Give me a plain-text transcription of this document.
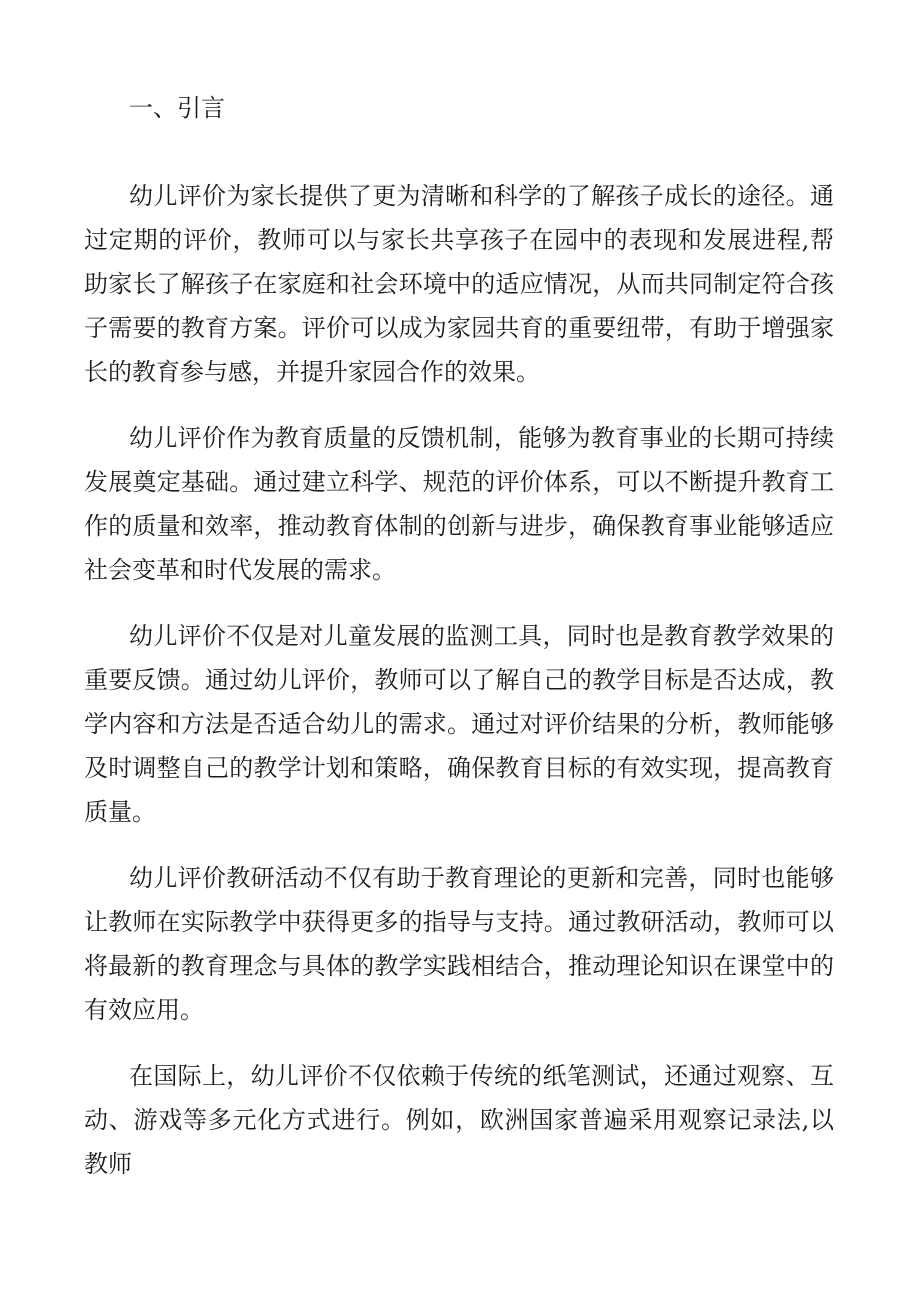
一、引言

幼儿评价为家长提供了更为清晰和科学的了解孩子成长的途径。通过定期的评价，教师可以与家长共享孩子在园中的表现和发展进程,帮助家长了解孩子在家庭和社会环境中的适应情况，从而共同制定符合孩子需要的教育方案。评价可以成为家园共育的重要纽带，有助于增强家长的教育参与感，并提升家园合作的效果。

幼儿评价作为教育质量的反馈机制，能够为教育事业的长期可持续发展奠定基础。通过建立科学、规范的评价体系，可以不断提升教育工作的质量和效率，推动教育体制的创新与进步，确保教育事业能够适应社会变革和时代发展的需求。

幼儿评价不仅是对儿童发展的监测工具，同时也是教育教学效果的重要反馈。通过幼儿评价，教师可以了解自己的教学目标是否达成，教学内容和方法是否适合幼儿的需求。通过对评价结果的分析，教师能够及时调整自己的教学计划和策略，确保教育目标的有效实现，提高教育质量。

幼儿评价教研活动不仅有助于教育理论的更新和完善，同时也能够让教师在实际教学中获得更多的指导与支持。通过教研活动，教师可以将最新的教育理念与具体的教学实践相结合，推动理论知识在课堂中的有效应用。

在国际上，幼儿评价不仅依赖于传统的纸笔测试，还通过观察、互动、游戏等多元化方式进行。例如，欧洲国家普遍采用观察记录法,以教师
